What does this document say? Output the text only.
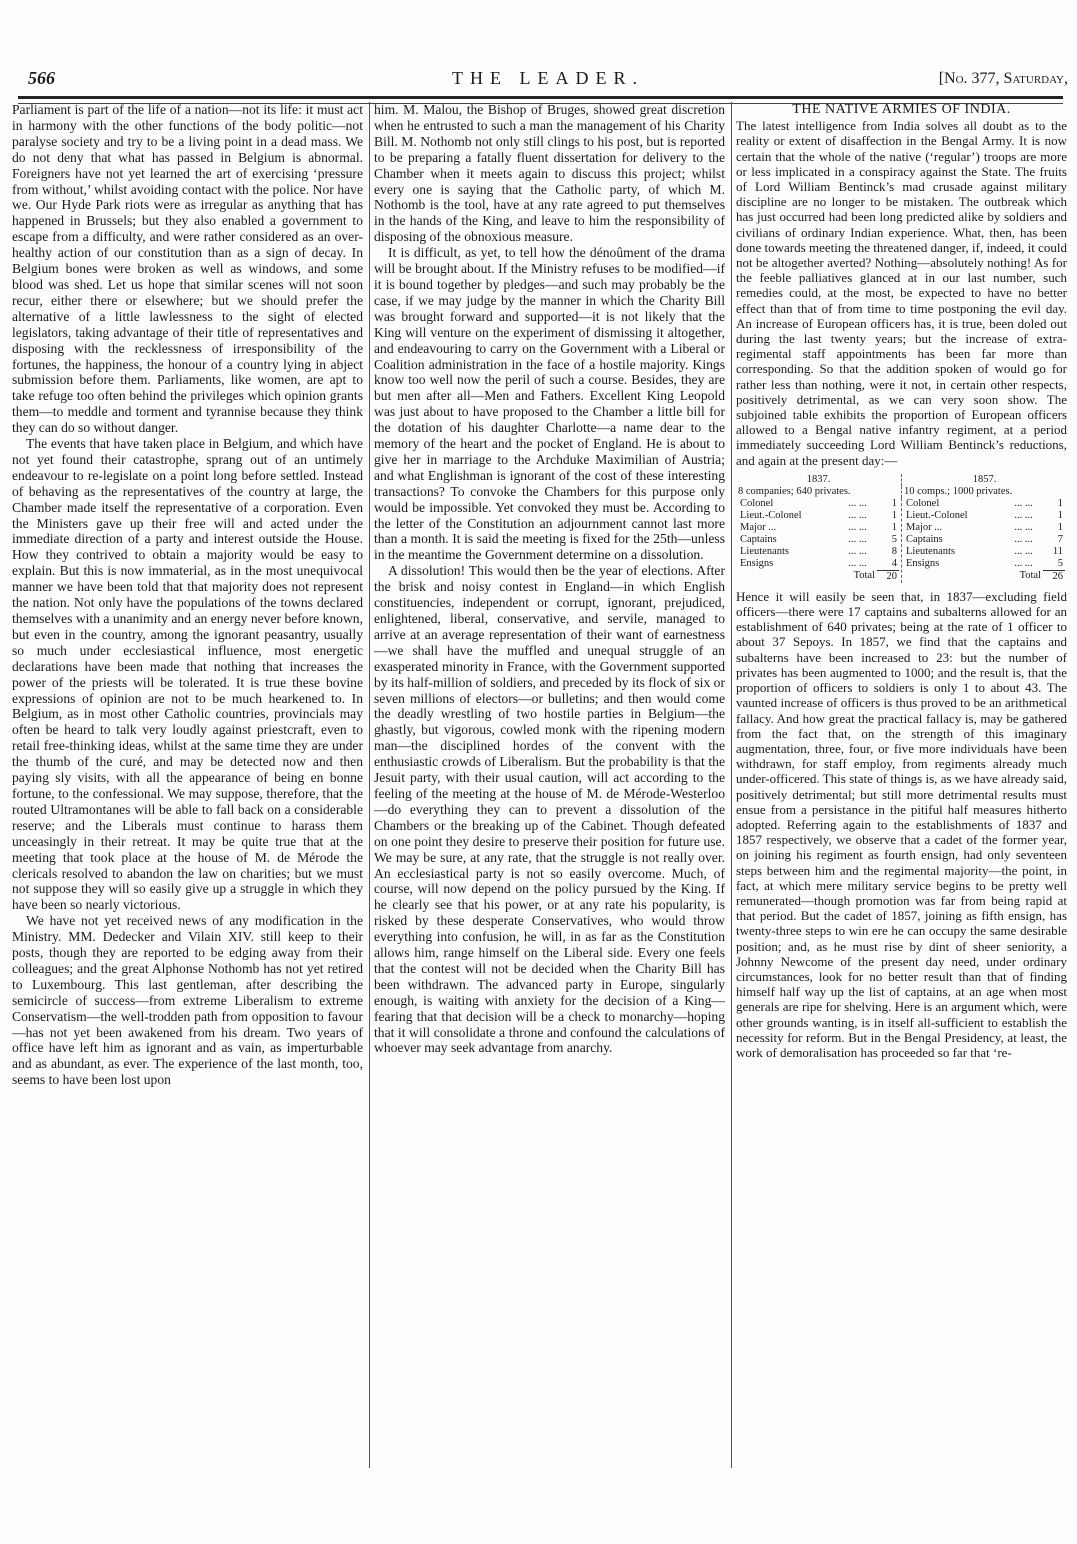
566	THE LEADER.	[No. 377, Saturday,

Parliament is part of the life of a nation—not its life: it must act in harmony with the other functions of the body politic—not paralyse society and try to be a living point in a dead mass. We do not deny that what has passed in Belgium is abnormal. Foreigners have not yet learned the art of exercising ‘pressure from without,’ whilst avoiding contact with the police. Nor have we. Our Hyde Park riots were as irregular as anything that has happened in Brussels; but they also enabled a government to escape from a difficulty, and were rather considered as an over-healthy action of our constitution than as a sign of decay. In Belgium bones were broken as well as windows, and some blood was shed. Let us hope that similar scenes will not soon recur, either there or elsewhere; but we should prefer the alternative of a little lawlessness to the sight of elected legislators, taking advantage of their title of representatives and disposing with the recklessness of irresponsibility of the fortunes, the happiness, the honour of a country lying in abject submission before them. Parliaments, like women, are apt to take refuge too often behind the privileges which opinion grants them—to meddle and torment and tyrannise because they think they can do so without danger.

The events that have taken place in Belgium, and which have not yet found their catastrophe, sprang out of an untimely endeavour to re-legislate on a point long before settled. Instead of behaving as the representatives of the country at large, the Chamber made itself the representative of a corporation. Even the Ministers gave up their free will and acted under the immediate direction of a party and interest outside the House. How they contrived to obtain a majority would be easy to explain. But this is now immaterial, as in the most unequivocal manner we have been told that that majority does not represent the nation. Not only have the populations of the towns declared themselves with a unanimity and an energy never before known, but even in the country, among the ignorant peasantry, usually so much under ecclesiastical influence, most energetic declarations have been made that nothing that increases the power of the priests will be tolerated. It is true these bovine expressions of opinion are not to be much hearkened to. In Belgium, as in most other Catholic countries, provincials may often be heard to talk very loudly against priestcraft, even to retail free-thinking ideas, whilst at the same time they are under the thumb of the curé, and may be detected now and then paying sly visits, with all the appearance of being en bonne fortune, to the confessional. We may suppose, therefore, that the routed Ultramontanes will be able to fall back on a considerable reserve; and the Liberals must continue to harass them unceasingly in their retreat. It may be quite true that at the meeting that took place at the house of M. de Mérode the clericals resolved to abandon the law on charities; but we must not suppose they will so easily give up a struggle in which they have been so nearly victorious.

We have not yet received news of any modification in the Ministry. MM. Dedecker and Vilain XIV. still keep to their posts, though they are reported to be edging away from their colleagues; and the great Alphonse Nothomb has not yet retired to Luxembourg. This last gentleman, after describing the semicircle of success—from extreme Liberalism to extreme Conservatism—the well-trodden path from opposition to favour—has not yet been awakened from his dream. Two years of office have left him as ignorant and as vain, as imperturbable and as abundant, as ever. The experience of the last month, too, seems to have been lost upon

him. M. Malou, the Bishop of Bruges, showed great discretion when he entrusted to such a man the management of his Charity Bill. M. Nothomb not only still clings to his post, but is reported to be preparing a fatally fluent dissertation for delivery to the Chamber when it meets again to discuss this project; whilst every one is saying that the Catholic party, of which M. Nothomb is the tool, have at any rate agreed to put themselves in the hands of the King, and leave to him the responsibility of disposing of the obnoxious measure.

It is difficult, as yet, to tell how the dénoûment of the drama will be brought about. If the Ministry refuses to be modified—if it is bound together by pledges—and such may probably be the case, if we may judge by the manner in which the Charity Bill was brought forward and supported—it is not likely that the King will venture on the experiment of dismissing it altogether, and endeavouring to carry on the Government with a Liberal or Coalition administration in the face of a hostile majority. Kings know too well now the peril of such a course. Besides, they are but men after all—Men and Fathers. Excellent King Leopold was just about to have proposed to the Chamber a little bill for the dotation of his daughter Charlotte—a name dear to the memory of the heart and the pocket of England. He is about to give her in marriage to the Archduke Maximilian of Austria; and what Englishman is ignorant of the cost of these interesting transactions? To convoke the Chambers for this purpose only would be impossible. Yet convoked they must be. According to the letter of the Constitution an adjournment cannot last more than a month. It is said the meeting is fixed for the 25th—unless in the meantime the Government determine on a dissolution.

A dissolution! This would then be the year of elections. After the brisk and noisy contest in England—in which English constituencies, independent or corrupt, ignorant, prejudiced, enlightened, liberal, conservative, and servile, managed to arrive at an average representation of their want of earnestness—we shall have the muffled and unequal struggle of an exasperated minority in France, with the Government supported by its half-million of soldiers, and preceded by its flock of six or seven millions of electors—or bulletins; and then would come the deadly wrestling of two hostile parties in Belgium—the ghastly, but vigorous, cowled monk with the ripening modern man—the disciplined hordes of the convent with the enthusiastic crowds of Liberalism. But the probability is that the Jesuit party, with their usual caution, will act according to the feeling of the meeting at the house of M. de Mérode-Westerloo—do everything they can to prevent a dissolution of the Chambers or the breaking up of the Cabinet. Though defeated on one point they desire to preserve their position for future use. We may be sure, at any rate, that the struggle is not really over. An ecclesiastical party is not so easily overcome. Much, of course, will now depend on the policy pursued by the King. If he clearly see that his power, or at any rate his popularity, is risked by these desperate Conservatives, who would throw everything into confusion, he will, in as far as the Constitution allows him, range himself on the Liberal side. Every one feels that the contest will not be decided when the Charity Bill has been withdrawn. The advanced party in Europe, singularly enough, is waiting with anxiety for the decision of a King—fearing that that decision will be a check to monarchy—hoping that it will consolidate a throne and confound the calculations of whoever may seek advantage from anarchy.

THE NATIVE ARMIES OF INDIA.

The latest intelligence from India solves all doubt as to the reality or extent of disaffection in the Bengal Army. It is now certain that the whole of the native (‘regular’) troops are more or less implicated in a conspiracy against the State. The fruits of Lord William Bentinck’s mad crusade against military discipline are no longer to be mistaken. The outbreak which has just occurred had been long predicted alike by soldiers and civilians of ordinary Indian experience. What, then, has been done towards meeting the threatened danger, if, indeed, it could not be altogether averted? Nothing—absolutely nothing! As for the feeble palliatives glanced at in our last number, such remedies could, at the most, be expected to have no better effect than that of from time to time postponing the evil day. An increase of European officers has, it is true, been doled out during the last twenty years; but the increase of extra-regimental staff appointments has been far more than corresponding. So that the addition spoken of would go for rather less than nothing, were it not, in certain other respects, positively detrimental, as we can very soon show. The subjoined table exhibits the proportion of European officers allowed to a Bengal native infantry regiment, at a period immediately succeeding Lord William Bentinck’s reductions, and again at the present day:—

1837.	1857.
8 companies; 640 privates.	10 comps.; 1000 privates.

Colonel	... ...	1
Lieut.-Colonel	... ...	1
Major ...	... ...	1
Captains	... ...	5
Lieutenants	... ...	8
Ensigns	... ...	4
	Total	20

Colonel	... ...	1
Lieut.-Colonel	... ...	1
Major ...	... ...	1
Captains	... ...	7
Lieutenants	... ...	11
Ensigns	... ...	5
	Total	26

Hence it will easily be seen that, in 1837—excluding field officers—there were 17 captains and subalterns allowed for an establishment of 640 privates; being at the rate of 1 officer to about 37 Sepoys. In 1857, we find that the captains and subalterns have been increased to 23: but the number of privates has been augmented to 1000; and the result is, that the proportion of officers to soldiers is only 1 to about 43. The vaunted increase of officers is thus proved to be an arithmetical fallacy. And how great the practical fallacy is, may be gathered from the fact that, on the strength of this imaginary augmentation, three, four, or five more individuals have been withdrawn, for staff employ, from regiments already much under-officered. This state of things is, as we have already said, positively detrimental; but still more detrimental results must ensue from a persistance in the pitiful half measures hitherto adopted. Referring again to the establishments of 1837 and 1857 respectively, we observe that a cadet of the former year, on joining his regiment as fourth ensign, had only seventeen steps between him and the regimental majority—the point, in fact, at which mere military service begins to be pretty well remunerated—though promotion was far from being rapid at that period. But the cadet of 1857, joining as fifth ensign, has twenty-three steps to win ere he can occupy the same desirable position; and, as he must rise by dint of sheer seniority, a Johnny Newcome of the present day need, under ordinary circumstances, look for no better result than that of finding himself half way up the list of captains, at an age when most generals are ripe for shelving. Here is an argument which, were other grounds wanting, is in itself all-sufficient to establish the necessity for reform. But in the Bengal Presidency, at least, the work of demoralisation has proceeded so far that ‘re-
